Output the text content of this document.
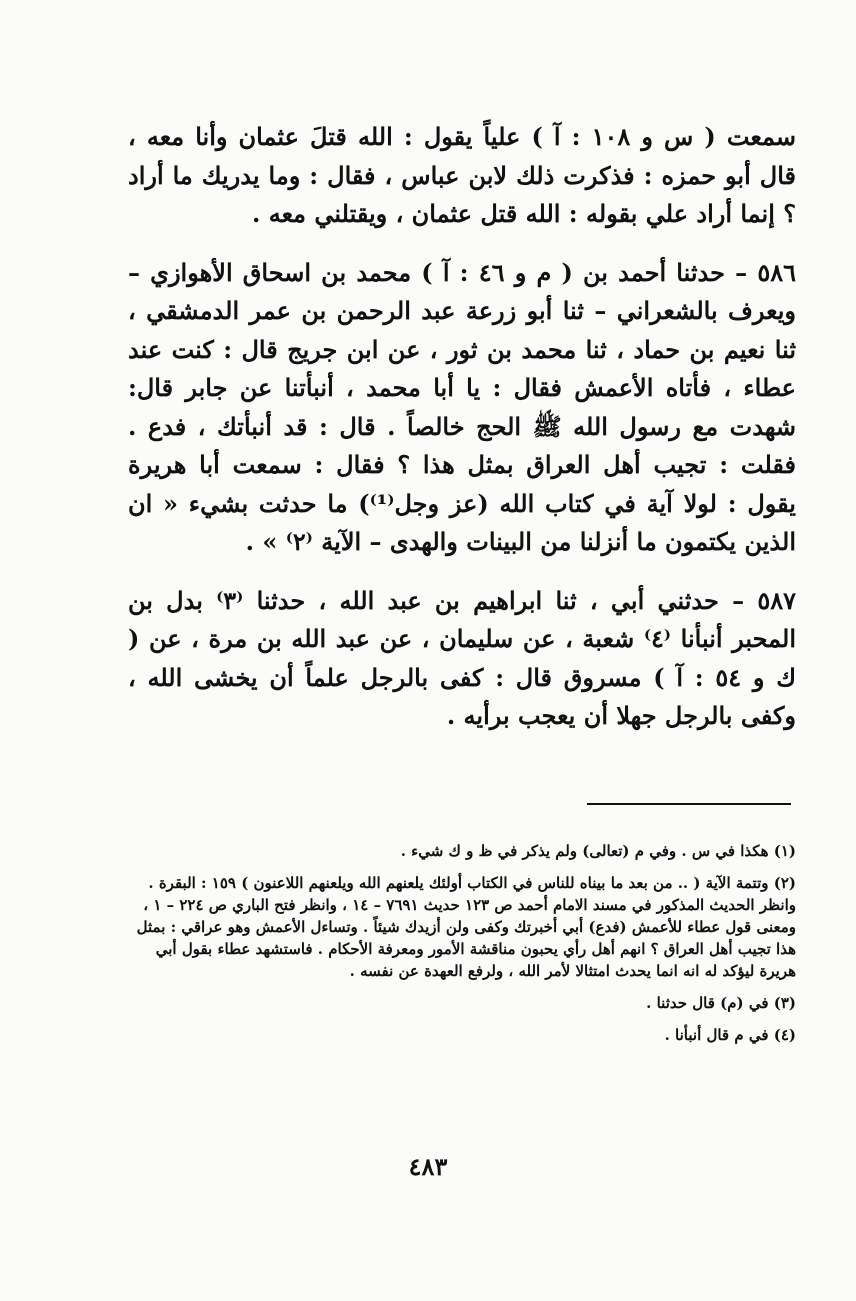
سمعت ( س و ١٠٨ : آ ) علياً يقول : الله قتلَ عثمان وأنا معه ، قال أبو حمزه : فذكرت ذلك لابن عباس ، فقال : وما يدريك ما أراد ؟ إنما أراد علي بقوله : الله قتل عثمان ، ويقتلني معه .

٥٨٦ – حدثنا أحمد بن ( م و ٤٦ : آ ) محمد بن اسحاق الأهوازي – ويعرف بالشعراني – ثنا أبو زرعة عبد الرحمن بن عمر الدمشقي ، ثنا نعيم بن حماد ، ثنا محمد بن ثور ، عن ابن جريج قال : كنت عند عطاء ، فأتاه الأعمش فقال : يا أبا محمد ، أنبأتنا عن جابر قال: شهدت مع رسول الله ﷺ الحج خالصاً . قال : قد أنبأتك ، فدع . فقلت : تجيب أهل العراق بمثل هذا ؟ فقال : سمعت أبا هريرة يقول : لولا آية في كتاب الله (عز وجل⁽¹⁾) ما حدثت بشيء « ان الذين يكتمون ما أنزلنا من البينات والهدى – الآية ⁽٢⁾ » .

٥٨٧ – حدثني أبي ، ثنا ابراهيم بن عبد الله ، حدثنا ⁽٣⁾ بدل بن المحبر أنبأنا ⁽٤⁾ شعبة ، عن سليمان ، عن عبد الله بن مرة ، عن ( ك و ٥٤ : آ ) مسروق قال : كفى بالرجل علماً أن يخشى الله ، وكفى بالرجل جهلا أن يعجب برأيه .

(١) هكذا في س . وفي م (تعالى) ولم يذكر في ظ و ك شيء .

(٢) وتتمة الآية ( .. من بعد ما بيناه للناس في الكتاب أولئك يلعنهم الله ويلعنهم اللاعنون ) ١٥٩ : البقرة . وانظر الحديث المذكور في مسند الامام أحمد ص ١٢٣ حديث ٧٦٩١ – ١٤ ، وانظر فتح الباري ص ٢٢٤ – ١ ، ومعنى قول عطاء للأعمش (فدع) أبي أخبرتك وكفى ولن أزيدك شيئاً . وتساءل الأعمش وهو عراقي : بمثل هذا تجيب أهل العراق ؟ انهم أهل رأي يحبون مناقشة الأمور ومعرفة الأحكام . فاستشهد عطاء بقول أبي هريرة ليؤكد له انه انما يحدث امتثالا لأمر الله ، ولرفع العهدة عن نفسه .

(٣) في (م) قال حدثنا .

(٤) في م قال أنبأنا .

٤٨٣
